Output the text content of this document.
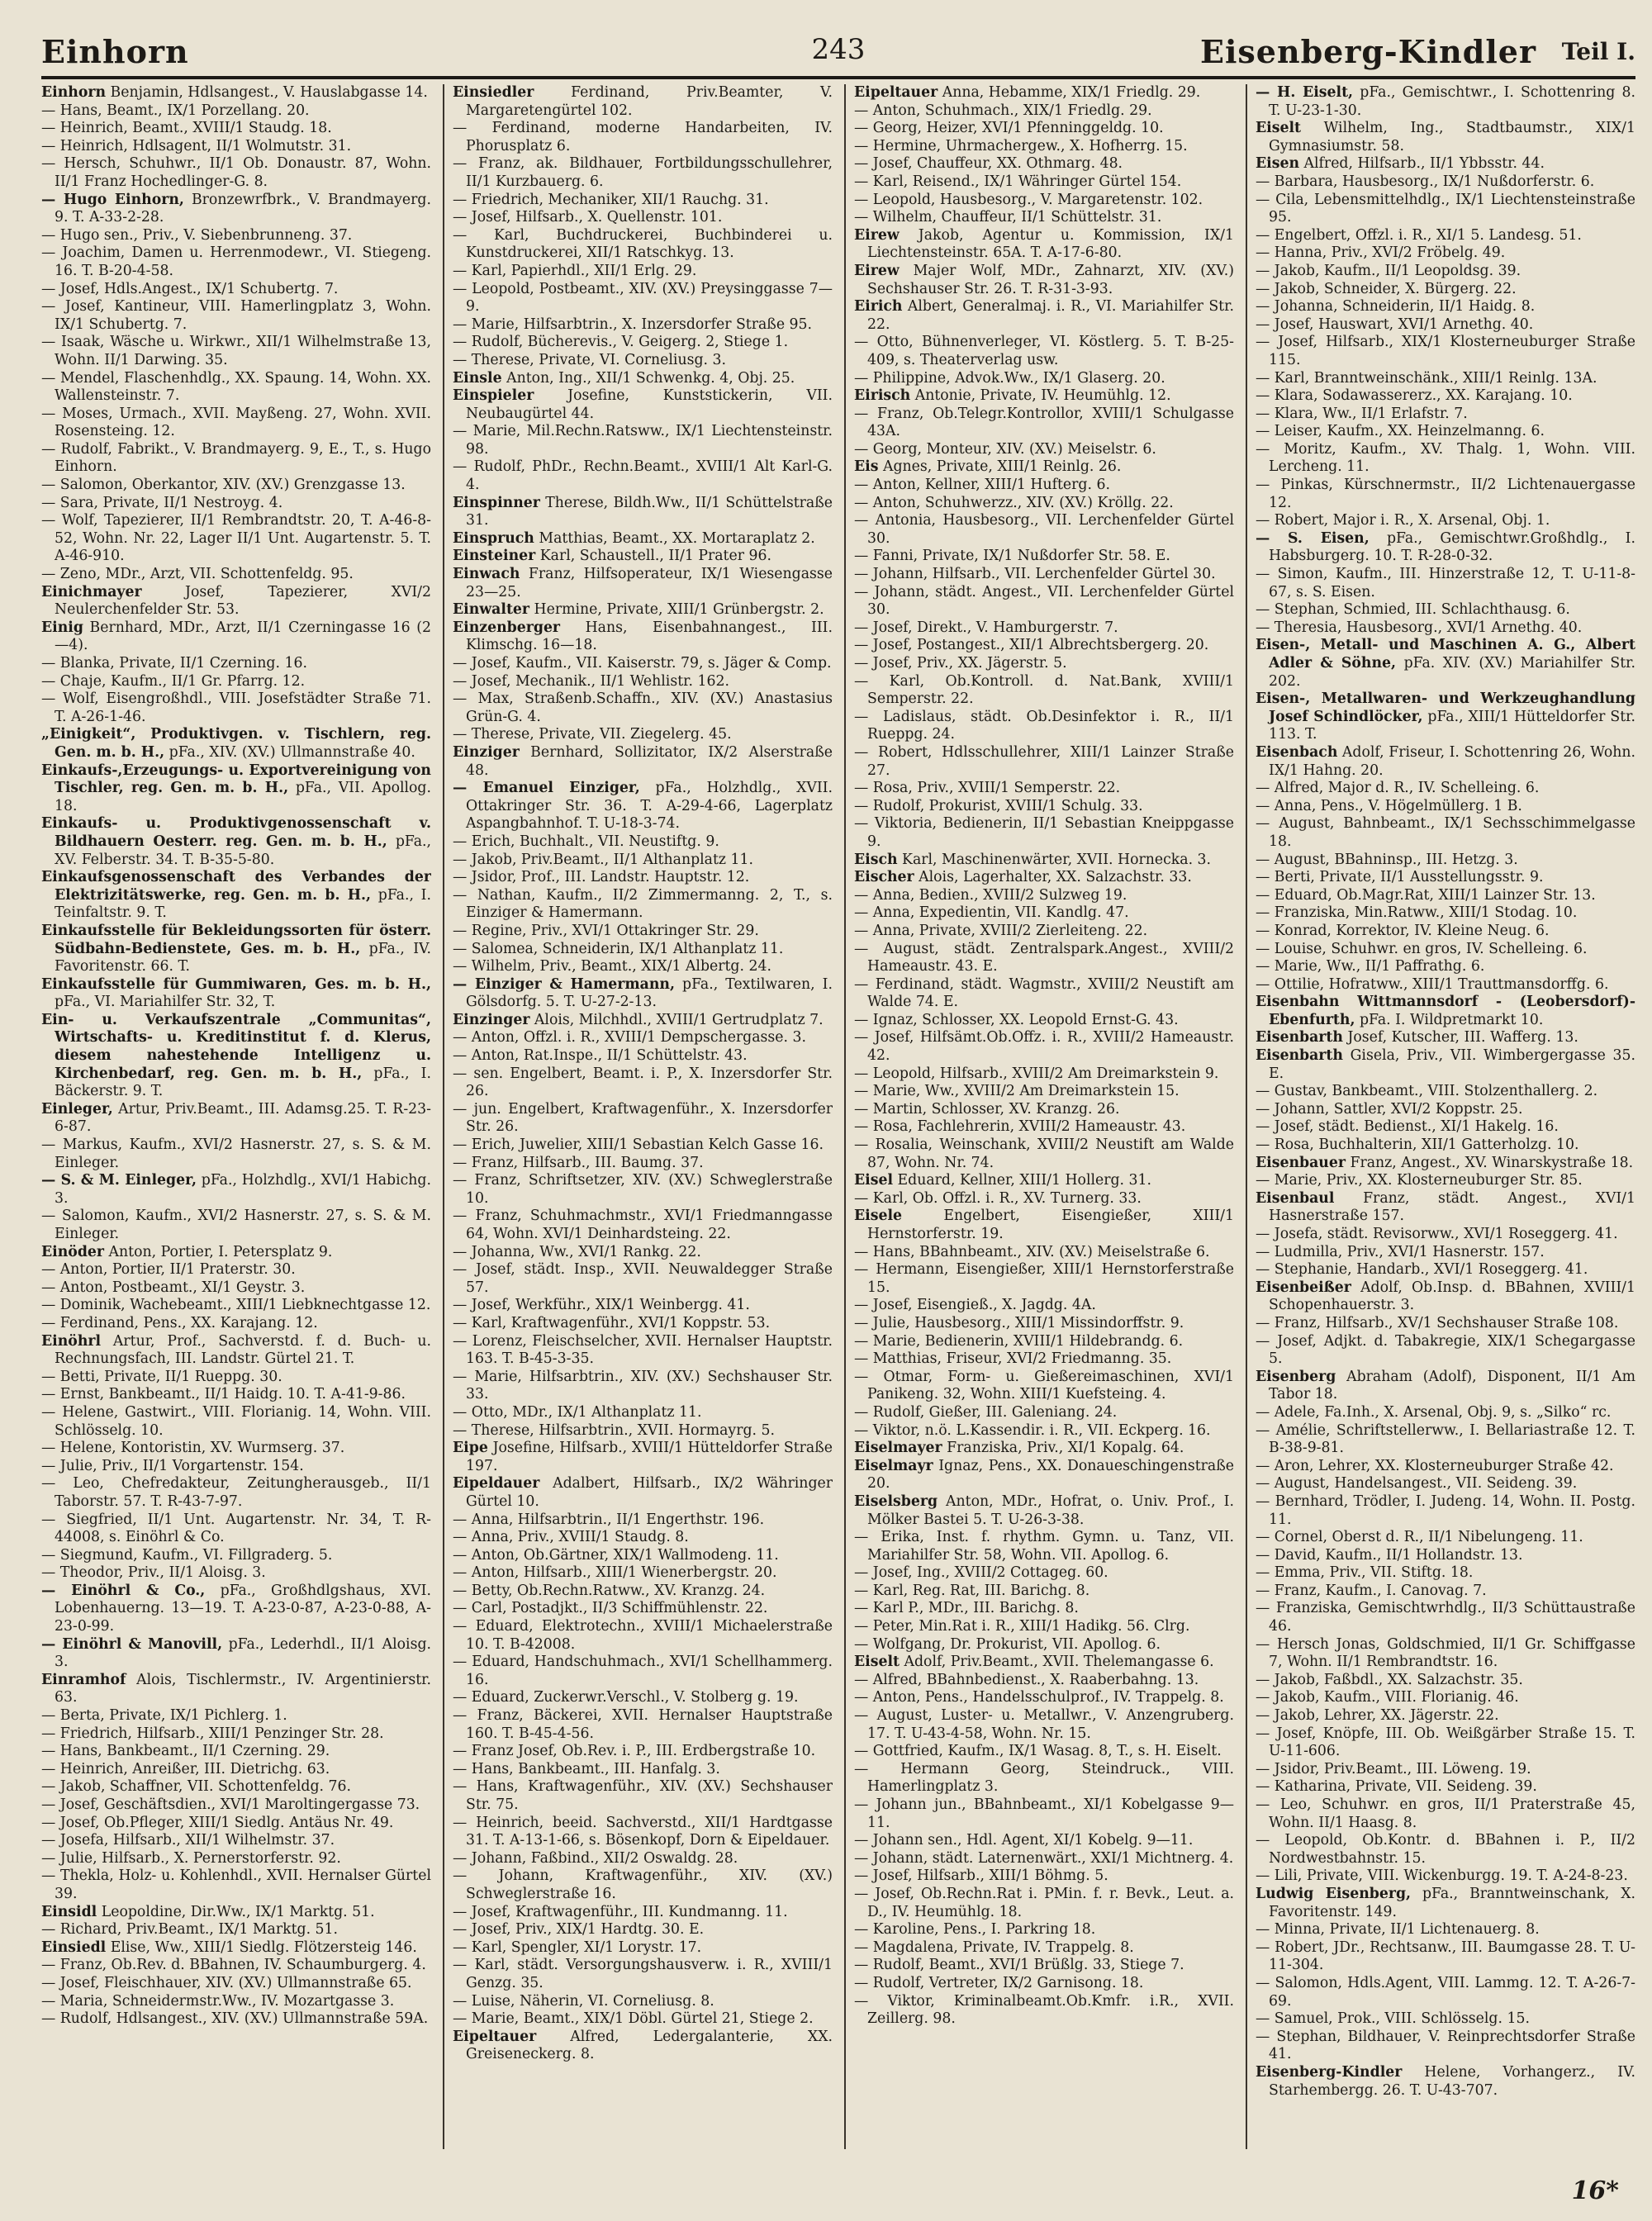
Einhorn	243	Eisenberg-Kindler Teil I.
Einhorn Benjamin, Hdlsangest., V. Hauslabgasse 14.
— Hans, Beamt., IX/1 Porzellang. 20.
— Heinrich, Beamt., XVIII/1 Staudg. 18.
— Heinrich, Hdlsagent, II/1 Wolmutstr. 31.
— Hersch, Schuhwr., II/1 Ob. Donaustr. 87, Wohn. II/1 Franz Hochedlinger-G. 8.
— Hugo Einhorn, Bronzewrfbrk., V. Brandmayerg. 9. T. A-33-2-28.
— Hugo sen., Priv., V. Siebenbrunneng. 37.
— Joachim, Damen u. Herrenmodewr., VI. Stiegeng. 16. T. B-20-4-58.
— Josef, Hdls.Angest., IX/1 Schubertg. 7.
— Josef, Kantineur, VIII. Hamerlingplatz 3, Wohn. IX/1 Schubertg. 7.
— Isaak, Wäsche u. Wirkwr., XII/1 Wilhelmstraße 13, Wohn. II/1 Darwing. 35.
— Mendel, Flaschenhdlg., XX. Spaung. 14, Wohn. XX. Wallensteinstr. 7.
— Moses, Urmach., XVII. Mayßeng. 27, Wohn. XVII. Rosensteing. 12.
— Rudolf, Fabrikt., V. Brandmayerg. 9, E., T., s. Hugo Einhorn.
— Salomon, Oberkantor, XIV. (XV.) Grenzgasse 13.
— Sara, Private, II/1 Nestroyg. 4.
— Wolf, Tapezierer, II/1 Rembrandtstr. 20, T. A-46-8-52, Wohn. Nr. 22, Lager II/1 Unt. Augartenstr. 5. T. A-46-910.
— Zeno, MDr., Arzt, VII. Schottenfeldg. 95.
Einichmayer Josef, Tapezierer, XVI/2 Neulerchenfelder Str. 53.
Einig Bernhard, MDr., Arzt, II/1 Czerningasse 16 (2—4).
— Blanka, Private, II/1 Czerning. 16.
— Chaje, Kaufm., II/1 Gr. Pfarrg. 12.
— Wolf, Eisengroßhdl., VIII. Josefstädter Straße 71. T. A-26-1-46.
„Einigkeit“, Produktivgen. v. Tischlern, reg. Gen. m. b. H., pFa., XIV. (XV.) Ullmannstraße 40.
Einkaufs-,Erzeugungs- u. Exportvereinigung von Tischler, reg. Gen. m. b. H., pFa., VII. Apollog. 18.
Einkaufs- u. Produktivgenossenschaft v. Bildhauern Oesterr. reg. Gen. m. b. H., pFa., XV. Felberstr. 34. T. B-35-5-80.
Einkaufsgenossenschaft des Verbandes der Elektrizitätswerke, reg. Gen. m. b. H., pFa., I. Teinfaltstr. 9. T.
Einkaufsstelle für Bekleidungssorten für österr. Südbahn-Bedienstete, Ges. m. b. H., pFa., IV. Favoritenstr. 66. T.
Einkaufsstelle für Gummiwaren, Ges. m. b. H., pFa., VI. Mariahilfer Str. 32, T.
Ein- u. Verkaufszentrale „Communitas“, Wirtschafts- u. Kreditinstitut f. d. Klerus, diesem nahestehende Intelligenz u. Kirchenbedarf, reg. Gen. m. b. H., pFa., I. Bäckerstr. 9. T.
Einleger, Artur, Priv.Beamt., III. Adamsg.25. T. R-23-6-87.
— Markus, Kaufm., XVI/2 Hasnerstr. 27, s. S. & M. Einleger.
— S. & M. Einleger, pFa., Holzhdlg., XVI/1 Habichg. 3.
— Salomon, Kaufm., XVI/2 Hasnerstr. 27, s. S. & M. Einleger.
Einöder Anton, Portier, I. Petersplatz 9.
— Anton, Portier, II/1 Praterstr. 30.
— Anton, Postbeamt., XI/1 Geystr. 3.
— Dominik, Wachebeamt., XIII/1 Liebknechtgasse 12.
— Ferdinand, Pens., XX. Karajang. 12.
Einöhrl Artur, Prof., Sachverstd. f. d. Buch- u. Rechnungsfach, III. Landstr. Gürtel 21. T.
— Betti, Private, II/1 Rueppg. 30.
— Ernst, Bankbeamt., II/1 Haidg. 10. T. A-41-9-86.
— Helene, Gastwirt., VIII. Florianig. 14, Wohn. VIII. Schlösselg. 10.
— Helene, Kontoristin, XV. Wurmserg. 37.
— Julie, Priv., II/1 Vorgartenstr. 154.
— Leo, Chefredakteur, Zeitungherausgeb., II/1 Taborstr. 57. T. R-43-7-97.
— Siegfried, II/1 Unt. Augartenstr. Nr. 34, T. R-44008, s. Einöhrl & Co.
— Siegmund, Kaufm., VI. Fillgraderg. 5.
— Theodor, Priv., II/1 Aloisg. 3.
— Einöhrl & Co., pFa., Großhdlgshaus, XVI. Lobenhauerng. 13—19. T. A-23-0-87, A-23-0-88, A-23-0-99.
— Einöhrl & Manovill, pFa., Lederhdl., II/1 Aloisg. 3.
Einramhof Alois, Tischlermstr., IV. Argentinierstr. 63.
— Berta, Private, IX/1 Pichlerg. 1.
— Friedrich, Hilfsarb., XIII/1 Penzinger Str. 28.
— Hans, Bankbeamt., II/1 Czerning. 29.
— Heinrich, Anreißer, III. Dietrichg. 63.
— Jakob, Schaffner, VII. Schottenfeldg. 76.
— Josef, Geschäftsdien., XVI/1 Maroltingergasse 73.
— Josef, Ob.Pfleger, XIII/1 Siedlg. Antäus Nr. 49.
— Josefa, Hilfsarb., XII/1 Wilhelmstr. 37.
— Julie, Hilfsarb., X. Pernerstorferstr. 92.
— Thekla, Holz- u. Kohlenhdl., XVII. Hernalser Gürtel 39.
Einsidl Leopoldine, Dir.Ww., IX/1 Marktg. 51.
— Richard, Priv.Beamt., IX/1 Marktg. 51.
Einsiedl Elise, Ww., XIII/1 Siedlg. Flötzersteig 146.
— Franz, Ob.Rev. d. BBahnen, IV. Schaumburgerg. 4.
— Josef, Fleischhauer, XIV. (XV.) Ullmannstraße 65.
— Maria, Schneidermstr.Ww., IV. Mozartgasse 3.
— Rudolf, Hdlsangest., XIV. (XV.) Ullmannstraße 59A.
Einsiedler Ferdinand, Priv.Beamter, V. Margaretengürtel 102.
— Ferdinand, moderne Handarbeiten, IV. Phorusplatz 6.
— Franz, ak. Bildhauer, Fortbildungsschullehrer, II/1 Kurzbauerg. 6.
— Friedrich, Mechaniker, XII/1 Rauchg. 31.
— Josef, Hilfsarb., X. Quellenstr. 101.
— Karl, Buchdruckerei, Buchbinderei u. Kunstdruckerei, XII/1 Ratschkyg. 13.
— Karl, Papierhdl., XII/1 Erlg. 29.
— Leopold, Postbeamt., XIV. (XV.) Preysinggasse 7—9.
— Marie, Hilfsarbtrin., X. Inzersdorfer Straße 95.
— Rudolf, Bücherevis., V. Geigerg. 2, Stiege 1.
— Therese, Private, VI. Corneliusg. 3.
Einsle Anton, Ing., XII/1 Schwenkg. 4, Obj. 25.
Einspieler Josefine, Kunststickerin, VII. Neubaugürtel 44.
— Marie, Mil.Rechn.Ratsww., IX/1 Liechtensteinstr. 98.
— Rudolf, PhDr., Rechn.Beamt., XVIII/1 Alt Karl-G. 4.
Einspinner Therese, Bildh.Ww., II/1 Schüttelstraße 31.
Einspruch Matthias, Beamt., XX. Mortaraplatz 2.
Einsteiner Karl, Schaustell., II/1 Prater 96.
Einwach Franz, Hilfsoperateur, IX/1 Wiesengasse 23—25.
Einwalter Hermine, Private, XIII/1 Grünbergstr. 2.
Einzenberger Hans, Eisenbahnangest., III. Klimschg. 16—18.
— Josef, Kaufm., VII. Kaiserstr. 79, s. Jäger & Comp.
— Josef, Mechanik., II/1 Wehlistr. 162.
— Max, Straßenb.Schaffn., XIV. (XV.) Anastasius Grün-G. 4.
— Therese, Private, VII. Ziegelerg. 45.
Einziger Bernhard, Sollizitator, IX/2 Alserstraße 48.
— Emanuel Einziger, pFa., Holzhdlg., XVII. Ottakringer Str. 36. T. A-29-4-66, Lagerplatz Aspangbahnhof. T. U-18-3-74.
— Erich, Buchhalt., VII. Neustiftg. 9.
— Jakob, Priv.Beamt., II/1 Althanplatz 11.
— Jsidor, Prof., III. Landstr. Hauptstr. 12.
— Nathan, Kaufm., II/2 Zimmermanng. 2, T., s. Einziger & Hamermann.
— Regine, Priv., XVI/1 Ottakringer Str. 29.
— Salomea, Schneiderin, IX/1 Althanplatz 11.
— Wilhelm, Priv., Beamt., XIX/1 Albertg. 24.
— Einziger & Hamermann, pFa., Textilwaren, I. Gölsdorfg. 5. T. U-27-2-13.
Einzinger Alois, Milchhdl., XVIII/1 Gertrudplatz 7.
— Anton, Offzl. i. R., XVIII/1 Dempschergasse. 3.
— Anton, Rat.Inspe., II/1 Schüttelstr. 43.
— sen. Engelbert, Beamt. i. P., X. Inzersdorfer Str. 26.
— jun. Engelbert, Kraftwagenführ., X. Inzersdorfer Str. 26.
— Erich, Juwelier, XIII/1 Sebastian Kelch Gasse 16.
— Franz, Hilfsarb., III. Baumg. 37.
— Franz, Schriftsetzer, XIV. (XV.) Schweglerstraße 10.
— Franz, Schuhmachmstr., XVI/1 Friedmanngasse 64, Wohn. XVI/1 Deinhardsteing. 22.
— Johanna, Ww., XVI/1 Rankg. 22.
— Josef, städt. Insp., XVII. Neuwaldegger Straße 57.
— Josef, Werkführ., XIX/1 Weinbergg. 41.
— Karl, Kraftwagenführ., XVI/1 Koppstr. 53.
— Lorenz, Fleischselcher, XVII. Hernalser Hauptstr. 163. T. B-45-3-35.
— Marie, Hilfsarbtrin., XIV. (XV.) Sechshauser Str. 33.
— Otto, MDr., IX/1 Althanplatz 11.
— Therese, Hilfsarbtrin., XVII. Hormayrg. 5.
Eipe Josefine, Hilfsarb., XVIII/1 Hütteldorfer Straße 197.
Eipeldauer Adalbert, Hilfsarb., IX/2 Währinger Gürtel 10.
— Anna, Hilfsarbtrin., II/1 Engerthstr. 196.
— Anna, Priv., XVIII/1 Staudg. 8.
— Anton, Ob.Gärtner, XIX/1 Wallmodeng. 11.
— Anton, Hilfsarb., XIII/1 Wienerbergstr. 20.
— Betty, Ob.Rechn.Ratww., XV. Kranzg. 24.
— Carl, Postadjkt., II/3 Schiffmühlenstr. 22.
— Eduard, Elektrotechn., XVIII/1 Michaelerstraße 10. T. B-42008.
— Eduard, Handschuhmach., XVI/1 Schellhammerg. 16.
— Eduard, Zuckerwr.Verschl., V. Stolberg g. 19.
— Franz, Bäckerei, XVII. Hernalser Hauptstraße 160. T. B-45-4-56.
— Franz Josef, Ob.Rev. i. P., III. Erdbergstraße 10.
— Hans, Bankbeamt., III. Hanfalg. 3.
— Hans, Kraftwagenführ., XIV. (XV.) Sechshauser Str. 75.
— Heinrich, beeid. Sachverstd., XII/1 Hardtgasse 31. T. A-13-1-66, s. Bösenkopf, Dorn & Eipeldauer.
— Johann, Faßbind., XII/2 Oswaldg. 28.
— Johann, Kraftwagenführ., XIV. (XV.) Schweglerstraße 16.
— Josef, Kraftwagenführ., III. Kundmanng. 11.
— Josef, Priv., XIX/1 Hardtg. 30. E.
— Karl, Spengler, XI/1 Lorystr. 17.
— Karl, städt. Versorgungshausverw. i. R., XVIII/1 Genzg. 35.
— Luise, Näherin, VI. Corneliusg. 8.
— Marie, Beamt., XIX/1 Döbl. Gürtel 21, Stiege 2.
Eipeltauer Alfred, Ledergalanterie, XX. Greiseneckerg. 8.
Eipeltauer Anna, Hebamme, XIX/1 Friedlg. 29.
— Anton, Schuhmach., XIX/1 Friedlg. 29.
— Georg, Heizer, XVI/1 Pfenninggeldg. 10.
— Hermine, Uhrmachergew., X. Hofherrg. 15.
— Josef, Chauffeur, XX. Othmarg. 48.
— Karl, Reisend., IX/1 Währinger Gürtel 154.
— Leopold, Hausbesorg., V. Margaretenstr. 102.
— Wilhelm, Chauffeur, II/1 Schüttelstr. 31.
Eirew Jakob, Agentur u. Kommission, IX/1 Liechtensteinstr. 65A. T. A-17-6-80.
Eirew Majer Wolf, MDr., Zahnarzt, XIV. (XV.) Sechshauser Str. 26. T. R-31-3-93.
Eirich Albert, Generalmaj. i. R., VI. Mariahilfer Str. 22.
— Otto, Bühnenverleger, VI. Köstlerg. 5. T. B-25-409, s. Theaterverlag usw.
— Philippine, Advok.Ww., IX/1 Glaserg. 20.
Eirisch Antonie, Private, IV. Heumühlg. 12.
— Franz, Ob.Telegr.Kontrollor, XVIII/1 Schulgasse 43A.
— Georg, Monteur, XIV. (XV.) Meiselstr. 6.
Eis Agnes, Private, XIII/1 Reinlg. 26.
— Anton, Kellner, XIII/1 Hufterg. 6.
— Anton, Schuhwerzz., XIV. (XV.) Kröllg. 22.
— Antonia, Hausbesorg., VII. Lerchenfelder Gürtel 30.
— Fanni, Private, IX/1 Nußdorfer Str. 58. E.
— Johann, Hilfsarb., VII. Lerchenfelder Gürtel 30.
— Johann, städt. Angest., VII. Lerchenfelder Gürtel 30.
— Josef, Direkt., V. Hamburgerstr. 7.
— Josef, Postangest., XII/1 Albrechtsbergerg. 20.
— Josef, Priv., XX. Jägerstr. 5.
— Karl, Ob.Kontroll. d. Nat.Bank, XVIII/1 Semperstr. 22.
— Ladislaus, städt. Ob.Desinfektor i. R., II/1 Rueppg. 24.
— Robert, Hdlsschullehrer, XIII/1 Lainzer Straße 27.
— Rosa, Priv., XVIII/1 Semperstr. 22.
— Rudolf, Prokurist, XVIII/1 Schulg. 33.
— Viktoria, Bedienerin, II/1 Sebastian Kneippgasse 9.
Eisch Karl, Maschinenwärter, XVII. Hornecka. 3.
Eischer Alois, Lagerhalter, XX. Salzachstr. 33.
— Anna, Bedien., XVIII/2 Sulzweg 19.
— Anna, Expedientin, VII. Kandlg. 47.
— Anna, Private, XVIII/2 Zierleiteng. 22.
— August, städt. Zentralspark.Angest., XVIII/2 Hameaustr. 43. E.
— Ferdinand, städt. Wagmstr., XVIII/2 Neustift am Walde 74. E.
— Ignaz, Schlosser, XX. Leopold Ernst-G. 43.
— Josef, Hilfsämt.Ob.Offz. i. R., XVIII/2 Hameaustr. 42.
— Leopold, Hilfsarb., XVIII/2 Am Dreimarkstein 9.
— Marie, Ww., XVIII/2 Am Dreimarkstein 15.
— Martin, Schlosser, XV. Kranzg. 26.
— Rosa, Fachlehrerin, XVIII/2 Hameaustr. 43.
— Rosalia, Weinschank, XVIII/2 Neustift am Walde 87, Wohn. Nr. 74.
Eisel Eduard, Kellner, XIII/1 Hollerg. 31.
— Karl, Ob. Offzl. i. R., XV. Turnerg. 33.
Eisele Engelbert, Eisengießer, XIII/1 Hernstorferstr. 19.
— Hans, BBahnbeamt., XIV. (XV.) Meiselstraße 6.
— Hermann, Eisengießer, XIII/1 Hernstorferstraße 15.
— Josef, Eisengieß., X. Jagdg. 4A.
— Julie, Hausbesorg., XIII/1 Missindorffstr. 9.
— Marie, Bedienerin, XVIII/1 Hildebrandg. 6.
— Matthias, Friseur, XVI/2 Friedmanng. 35.
— Otmar, Form- u. Gießereimaschinen, XVI/1 Panikeng. 32, Wohn. XIII/1 Kuefsteing. 4.
— Rudolf, Gießer, III. Galeniang. 24.
— Viktor, n.ö. L.Kassendir. i. R., VII. Eckperg. 16.
Eiselmayer Franziska, Priv., XI/1 Kopalg. 64.
Eiselmayr Ignaz, Pens., XX. Donaueschingenstraße 20.
Eiselsberg Anton, MDr., Hofrat, o. Univ. Prof., I. Mölker Bastei 5. T. U-26-3-38.
— Erika, Inst. f. rhythm. Gymn. u. Tanz, VII. Mariahilfer Str. 58, Wohn. VII. Apollog. 6.
— Josef, Ing., XVIII/2 Cottageg. 60.
— Karl, Reg. Rat, III. Barichg. 8.
— Karl P., MDr., III. Barichg. 8.
— Peter, Min.Rat i. R., XIII/1 Hadikg. 56. Clrg.
— Wolfgang, Dr. Prokurist, VII. Apollog. 6.
Eiselt Adolf, Priv.Beamt., XVII. Thelemangasse 6.
— Alfred, BBahnbedienst., X. Raaberbahng. 13.
— Anton, Pens., Handelsschulprof., IV. Trappelg. 8.
— August, Luster- u. Metallwr., V. Anzengruberg. 17. T. U-43-4-58, Wohn. Nr. 15.
— Gottfried, Kaufm., IX/1 Wasag. 8, T., s. H. Eiselt.
— Hermann Georg, Steindruck., VIII. Hamerlingplatz 3.
— Johann jun., BBahnbeamt., XI/1 Kobelgasse 9—11.
— Johann sen., Hdl. Agent, XI/1 Kobelg. 9—11.
— Johann, städt. Laternenwärt., XXI/1 Michtnerg. 4.
— Josef, Hilfsarb., XIII/1 Böhmg. 5.
— Josef, Ob.Rechn.Rat i. PMin. f. r. Bevk., Leut. a. D., IV. Heumühlg. 18.
— Karoline, Pens., I. Parkring 18.
— Magdalena, Private, IV. Trappelg. 8.
— Rudolf, Beamt., XVI/1 Brüßlg. 33, Stiege 7.
— Rudolf, Vertreter, IX/2 Garnisong. 18.
— Viktor, Kriminalbeamt.Ob.Kmfr. i.R., XVII. Zeillerg. 98.
— H. Eiselt, pFa., Gemischtwr., I. Schottenring 8. T. U-23-1-30.
Eiselt Wilhelm, Ing., Stadtbaumstr., XIX/1 Gymnasiumstr. 58.
Eisen Alfred, Hilfsarb., II/1 Ybbsstr. 44.
— Barbara, Hausbesorg., IX/1 Nußdorferstr. 6.
— Cila, Lebensmittelhdlg., IX/1 Liechtensteinstraße 95.
— Engelbert, Offzl. i. R., XI/1 5. Landesg. 51.
— Hanna, Priv., XVI/2 Fröbelg. 49.
— Jakob, Kaufm., II/1 Leopoldsg. 39.
— Jakob, Schneider, X. Bürgerg. 22.
— Johanna, Schneiderin, II/1 Haidg. 8.
— Josef, Hauswart, XVI/1 Arnethg. 40.
— Josef, Hilfsarb., XIX/1 Klosterneuburger Straße 115.
— Karl, Branntweinschänk., XIII/1 Reinlg. 13A.
— Klara, Sodawassererz., XX. Karajang. 10.
— Klara, Ww., II/1 Erlafstr. 7.
— Leiser, Kaufm., XX. Heinzelmanng. 6.
— Moritz, Kaufm., XV. Thalg. 1, Wohn. VIII. Lercheng. 11.
— Pinkas, Kürschnermstr., II/2 Lichtenauergasse 12.
— Robert, Major i. R., X. Arsenal, Obj. 1.
— S. Eisen, pFa., Gemischtwr.Großhdlg., I. Habsburgerg. 10. T. R-28-0-32.
— Simon, Kaufm., III. Hinzerstraße 12, T. U-11-8-67, s. S. Eisen.
— Stephan, Schmied, III. Schlachthausg. 6.
— Theresia, Hausbesorg., XVI/1 Arnethg. 40.
Eisen-, Metall- und Maschinen A. G., Albert Adler & Söhne, pFa. XIV. (XV.) Mariahilfer Str. 202.
Eisen-, Metallwaren- und Werkzeughandlung Josef Schindlöcker, pFa., XIII/1 Hütteldorfer Str. 113. T.
Eisenbach Adolf, Friseur, I. Schottenring 26, Wohn. IX/1 Hahng. 20.
— Alfred, Major d. R., IV. Schelleing. 6.
— Anna, Pens., V. Högelmüllerg. 1 B.
— August, Bahnbeamt., IX/1 Sechsschimmelgasse 18.
— August, BBahninsp., III. Hetzg. 3.
— Berti, Private, II/1 Ausstellungsstr. 9.
— Eduard, Ob.Magr.Rat, XIII/1 Lainzer Str. 13.
— Franziska, Min.Ratww., XIII/1 Stodag. 10.
— Konrad, Korrektor, IV. Kleine Neug. 6.
— Louise, Schuhwr. en gros, IV. Schelleing. 6.
— Marie, Ww., II/1 Paffrathg. 6.
— Ottilie, Hofratww., XIII/1 Trauttmansdorffg. 6.
Eisenbahn Wittmannsdorf - (Leobersdorf)-Ebenfurth, pFa. I. Wildpretmarkt 10.
Eisenbarth Josef, Kutscher, III. Wafferg. 13.
Eisenbarth Gisela, Priv., VII. Wimbergergasse 35. E.
— Gustav, Bankbeamt., VIII. Stolzenthallerg. 2.
— Johann, Sattler, XVI/2 Koppstr. 25.
— Josef, städt. Bedienst., XI/1 Hakelg. 16.
— Rosa, Buchhalterin, XII/1 Gatterholzg. 10.
Eisenbauer Franz, Angest., XV. Winarskystraße 18.
— Marie, Priv., XX. Klosterneuburger Str. 85.
Eisenbaul Franz, städt. Angest., XVI/1 Hasnerstraße 157.
— Josefa, städt. Revisorww., XVI/1 Roseggerg. 41.
— Ludmilla, Priv., XVI/1 Hasnerstr. 157.
— Stephanie, Handarb., XVI/1 Roseggerg. 41.
Eisenbeißer Adolf, Ob.Insp. d. BBahnen, XVIII/1 Schopenhauerstr. 3.
— Franz, Hilfsarb., XV/1 Sechshauser Straße 108.
— Josef, Adjkt. d. Tabakregie, XIX/1 Schegargasse 5.
Eisenberg Abraham (Adolf), Disponent, II/1 Am Tabor 18.
— Adele, Fa.Inh., X. Arsenal, Obj. 9, s. „Silko“ rc.
— Amélie, Schriftstellerww., I. Bellariastraße 12. T. B-38-9-81.
— Aron, Lehrer, XX. Klosterneuburger Straße 42.
— August, Handelsangest., VII. Seideng. 39.
— Bernhard, Trödler, I. Judeng. 14, Wohn. II. Postg. 11.
— Cornel, Oberst d. R., II/1 Nibelungeng. 11.
— David, Kaufm., II/1 Hollandstr. 13.
— Emma, Priv., VII. Stiftg. 18.
— Franz, Kaufm., I. Canovag. 7.
— Franziska, Gemischtwrhdlg., II/3 Schüttaustraße 46.
— Hersch Jonas, Goldschmied, II/1 Gr. Schiffgasse 7, Wohn. II/1 Rembrandtstr. 16.
— Jakob, Faßbdl., XX. Salzachstr. 35.
— Jakob, Kaufm., VIII. Florianig. 46.
— Jakob, Lehrer, XX. Jägerstr. 22.
— Josef, Knöpfe, III. Ob. Weißgärber Straße 15. T. U-11-606.
— Jsidor, Priv.Beamt., III. Löweng. 19.
— Katharina, Private, VII. Seideng. 39.
— Leo, Schuhwr. en gros, II/1 Praterstraße 45, Wohn. II/1 Haasg. 8.
— Leopold, Ob.Kontr. d. BBahnen i. P., II/2 Nordwestbahnstr. 15.
— Lili, Private, VIII. Wickenburgg. 19. T. A-24-8-23.
Ludwig Eisenberg, pFa., Branntweinschank, X. Favoritenstr. 149.
— Minna, Private, II/1 Lichtenauerg. 8.
— Robert, JDr., Rechtsanw., III. Baumgasse 28. T. U-11-304.
— Salomon, Hdls.Agent, VIII. Lammg. 12. T. A-26-7-69.
— Samuel, Prok., VIII. Schlösselg. 15.
— Stephan, Bildhauer, V. Reinprechtsdorfer Straße 41.
Eisenberg-Kindler Helene, Vorhangerz., IV. Starhembergg. 26. T. U-43-707.
16*
